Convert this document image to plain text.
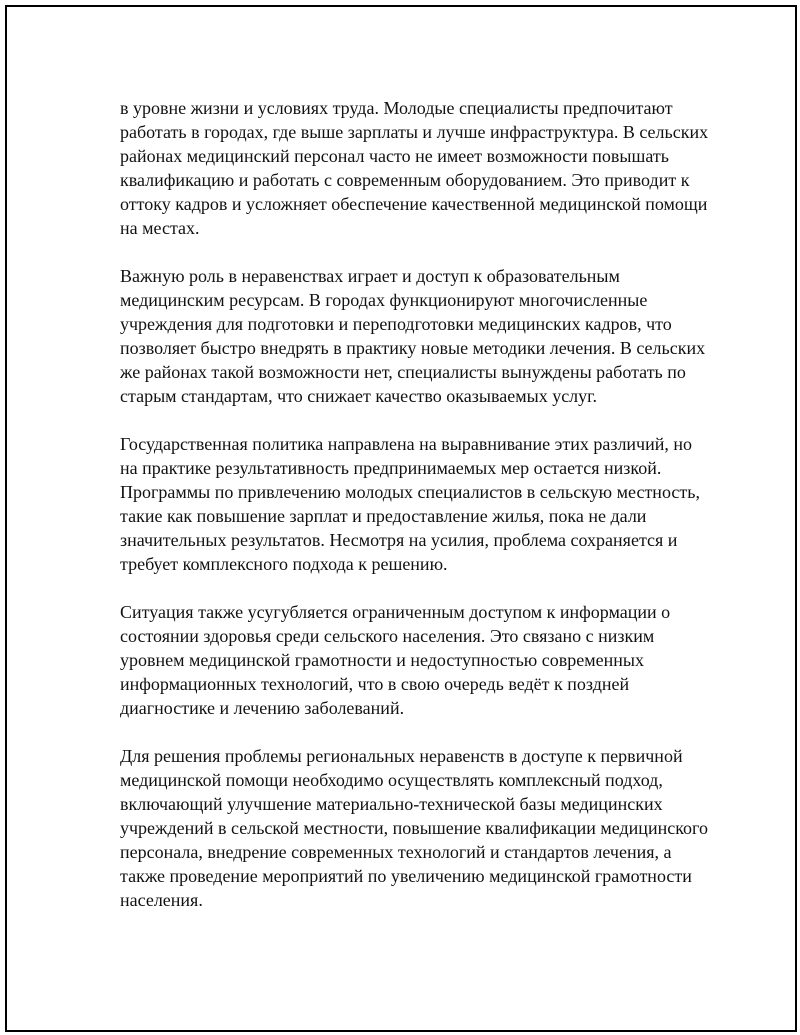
в уровне жизни и условиях труда. Молодые специалисты предпочитают работать в городах, где выше зарплаты и лучше инфраструктура. В сельских районах медицинский персонал часто не имеет возможности повышать квалификацию и работать с современным оборудованием. Это приводит к оттоку кадров и усложняет обеспечение качественной медицинской помощи на местах.

Важную роль в неравенствах играет и доступ к образовательным медицинским ресурсам. В городах функционируют многочисленные учреждения для подготовки и переподготовки медицинских кадров, что позволяет быстро внедрять в практику новые методики лечения. В сельских же районах такой возможности нет, специалисты вынуждены работать по старым стандартам, что снижает качество оказываемых услуг.

Государственная политика направлена на выравнивание этих различий, но на практике результативность предпринимаемых мер остается низкой. Программы по привлечению молодых специалистов в сельскую местность, такие как повышение зарплат и предоставление жилья, пока не дали значительных результатов. Несмотря на усилия, проблема сохраняется и требует комплексного подхода к решению.

Ситуация также усугубляется ограниченным доступом к информации о состоянии здоровья среди сельского населения. Это связано с низким уровнем медицинской грамотности и недоступностью современных информационных технологий, что в свою очередь ведёт к поздней диагностике и лечению заболеваний.

Для решения проблемы региональных неравенств в доступе к первичной медицинской помощи необходимо осуществлять комплексный подход, включающий улучшение материально-технической базы медицинских учреждений в сельской местности, повышение квалификации медицинского персонала, внедрение современных технологий и стандартов лечения, а также проведение мероприятий по увеличению медицинской грамотности населения.
